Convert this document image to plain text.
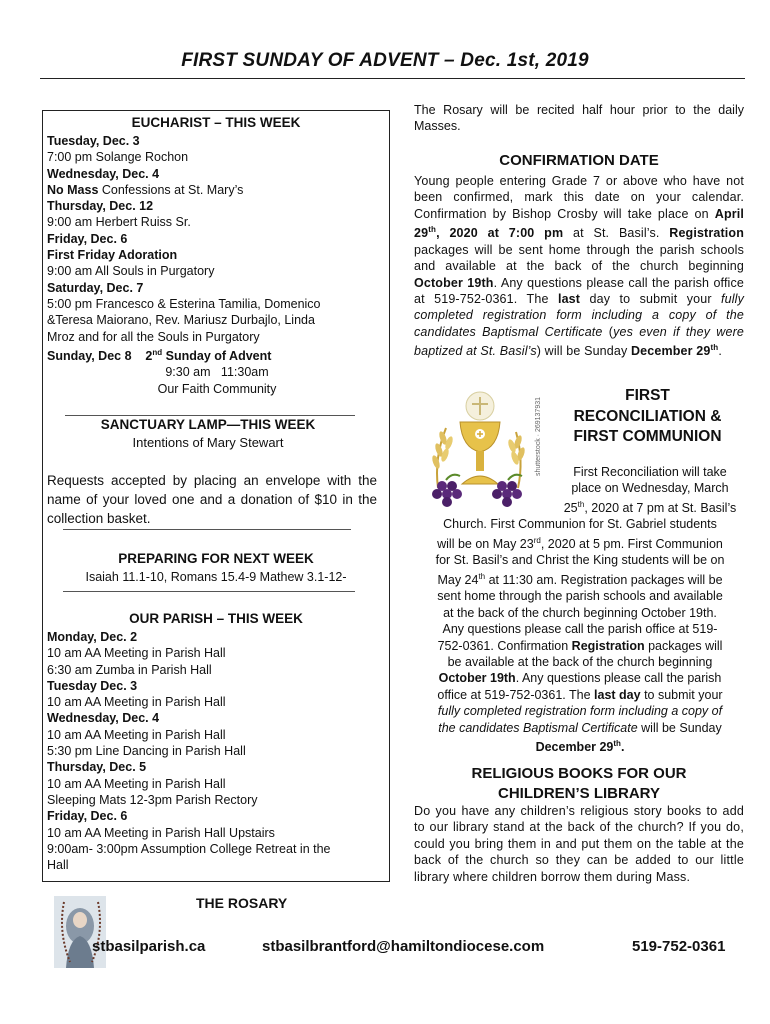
FIRST SUNDAY OF ADVENT – Dec. 1st, 2019
EUCHARIST – THIS WEEK
Tuesday, Dec. 3
7:00 pm Solange Rochon
Wednesday, Dec. 4
No Mass Confessions at St. Mary’s
Thursday, Dec. 12
9:00 am Herbert Ruiss Sr.
Friday, Dec. 6
First Friday Adoration
9:00 am All Souls in Purgatory
Saturday, Dec. 7
5:00 pm Francesco & Esterina Tamilia, Domenico
&Teresa Maiorano, Rev. Mariusz Durbajlo, Linda
Mroz and for all the Souls in Purgatory
Sunday, Dec 8    2nd Sunday of Advent
9:30 am   11:30am
Our Faith Community
SANCTUARY LAMP—THIS WEEK
Intentions of Mary Stewart
Requests accepted by placing an envelope with the name of your loved one and a donation of $10 in the collection basket.
PREPARING FOR NEXT WEEK
Isaiah 11.1-10, Romans 15.4-9 Mathew 3.1-12-
OUR PARISH – THIS WEEK
Monday, Dec. 2
10 am AA Meeting in Parish Hall
6:30 am Zumba in Parish Hall
Tuesday Dec. 3
10 am AA Meeting in Parish Hall
Wednesday, Dec. 4
10 am AA Meeting in Parish Hall
5:30 pm Line Dancing in Parish Hall
Thursday, Dec. 5
10 am AA Meeting in Parish Hall
Sleeping Mats 12-3pm Parish Rectory
Friday, Dec. 6
10 am AA Meeting in Parish Hall Upstairs
9:00am- 3:00pm Assumption College Retreat in the
Hall
The Rosary will be recited half hour prior to the daily Masses.
CONFIRMATION DATE
Young people entering Grade 7 or above who have not been confirmed, mark this date on your calendar. Confirmation by Bishop Crosby will take place on April 29th, 2020 at 7:00 pm at St. Basil’s. Registration packages will be sent home through the parish schools and available at the back of the church beginning October 19th. Any questions please call the parish office at 519-752-0361. The last day to submit your fully completed registration form including a copy of the candidates Baptismal Certificate (yes even if they were baptized at St. Basil’s) will be Sunday December 29th.
shutterstock · 269137931
FIRST
RECONCILIATION &
FIRST COMMUNION
First Reconciliation will take
place on Wednesday, March
25th, 2020 at 7 pm at St. Basil’s
Church. First Communion for St. Gabriel students
will be on May 23rd, 2020 at 5 pm. First Communion
for St. Basil’s and Christ the King students will be on
May 24th at 11:30 am. Registration packages will be
sent home through the parish schools and available
at the back of the church beginning October 19th.
Any questions please call the parish office at 519-
752-0361. Confirmation Registration packages will
be available at the back of the church beginning
October 19th. Any questions please call the parish
office at 519-752-0361. The last day to submit your
fully completed registration form including a copy of
the candidates Baptismal Certificate will be Sunday
December 29th.
RELIGIOUS BOOKS FOR OUR
CHILDREN’S LIBRARY
Do you have any children’s religious story books to add to our library stand at the back of the church? If you do, could you bring them in and put them on the table at the back of the church so they can be added to our little library where children borrow them during Mass.
THE ROSARY
stbasilparish.ca	stbasilbrantford@hamiltondiocese.com	519-752-0361
